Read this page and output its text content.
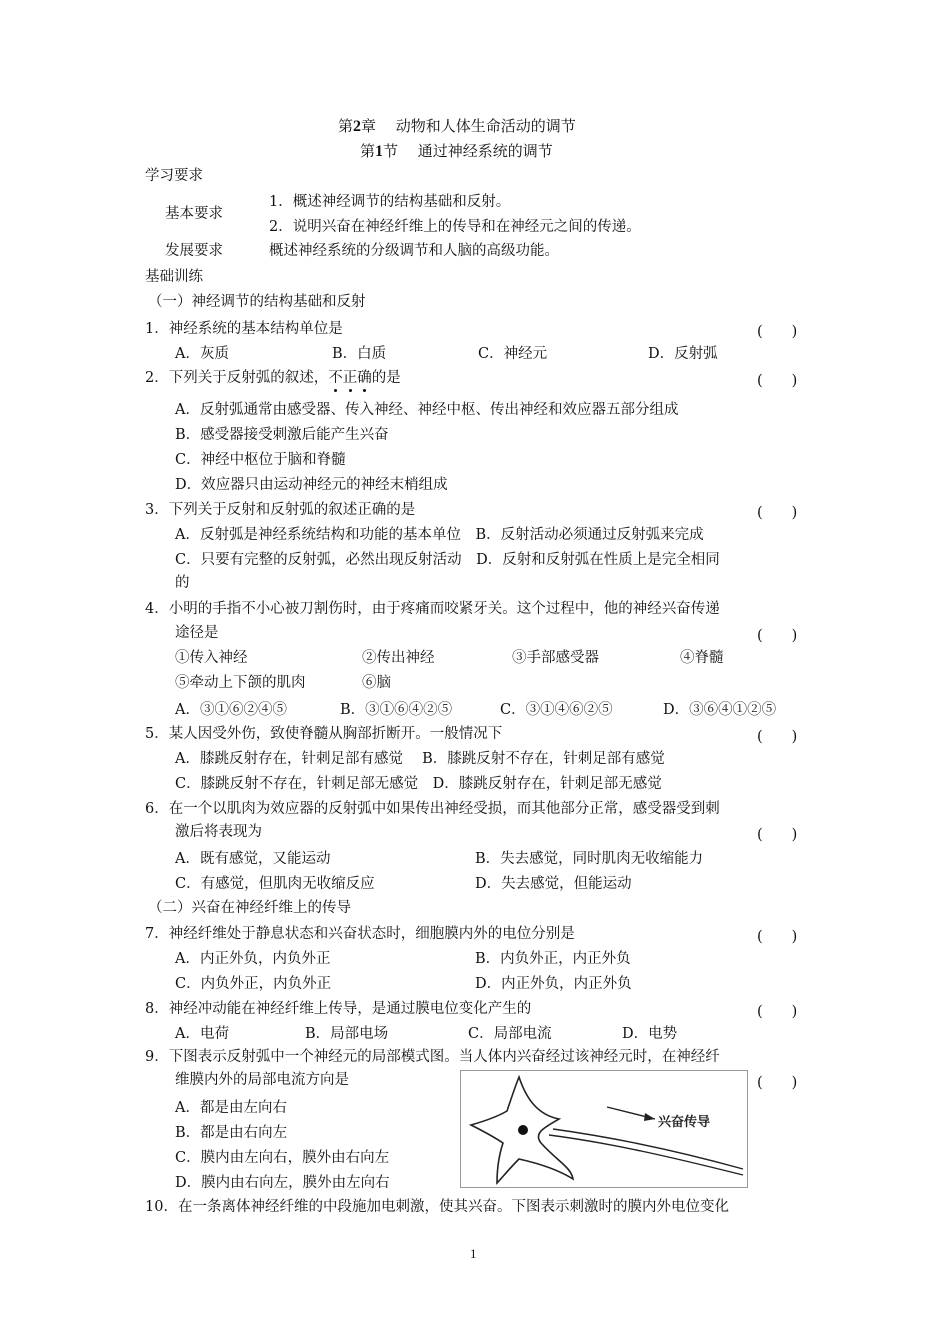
第2章　 动物和人体生命活动的调节
第1节　 通过神经系统的调节
学习要求
基本要求
1．概述神经调节的结构基础和反射。
2．说明兴奋在神经纤维上的传导和在神经元之间的传递。
发展要求	概述神经系统的分级调节和人脑的高级功能。
基础训练
（一）神经调节的结构基础和反射
1．神经系统的基本结构单位是	(　　)
A．灰质	B．白质	C．神经元	D．反射弧
2．下列关于反射弧的叙述，不正确的是	(　　)
A．反射弧通常由感受器、传入神经、神经中枢、传出神经和效应器五部分组成
B．感受器接受刺激后能产生兴奋
C．神经中枢位于脑和脊髓
D．效应器只由运动神经元的神经末梢组成
3．下列关于反射和反射弧的叙述正确的是	(　　)
A．反射弧是神经系统结构和功能的基本单位　B．反射活动必须通过反射弧来完成
C．只要有完整的反射弧，必然出现反射活动　D．反射和反射弧在性质上是完全相同
的
4．小明的手指不小心被刀割伤时，由于疼痛而咬紧牙关。这个过程中，他的神经兴奋传递
途径是	(　　)
①传入神经	②传出神经	③手部感受器	④脊髓
⑤牵动上下颌的肌肉	⑥脑
A．③①⑥②④⑤	B．③①⑥④②⑤	C．③①④⑥②⑤	D．③⑥④①②⑤
5．某人因受外伤，致使脊髓从胸部折断开。一般情况下	(　　)
A．膝跳反射存在，针刺足部有感觉　 B．膝跳反射不存在，针刺足部有感觉
C．膝跳反射不存在，针刺足部无感觉　D．膝跳反射存在，针刺足部无感觉
6．在一个以肌肉为效应器的反射弧中如果传出神经受损，而其他部分正常，感受器受到刺
激后将表现为	(　　)
A．既有感觉，又能运动	B．失去感觉，同时肌肉无收缩能力
C．有感觉，但肌肉无收缩反应	D．失去感觉，但能运动
（二）兴奋在神经纤维上的传导
7．神经纤维处于静息状态和兴奋状态时，细胞膜内外的电位分别是	(　　)
A．内正外负，内负外正	B．内负外正，内正外负
C．内负外正，内负外正	D．内正外负，内正外负
8．神经冲动能在神经纤维上传导，是通过膜电位变化产生的	(　　)
A．电荷	B．局部电场	C．局部电流	D．电势
9．下图表示反射弧中一个神经元的局部模式图。当人体内兴奋经过该神经元时，在神经纤
维膜内外的局部电流方向是
A．都是由左向右
B．都是由右向左
C．膜内由左向右，膜外由右向左
D．膜内由右向左，膜外由左向右
兴奋传导
(　　)
10．在一条离体神经纤维的中段施加电刺激，使其兴奋。下图表示刺激时的膜内外电位变化
1
